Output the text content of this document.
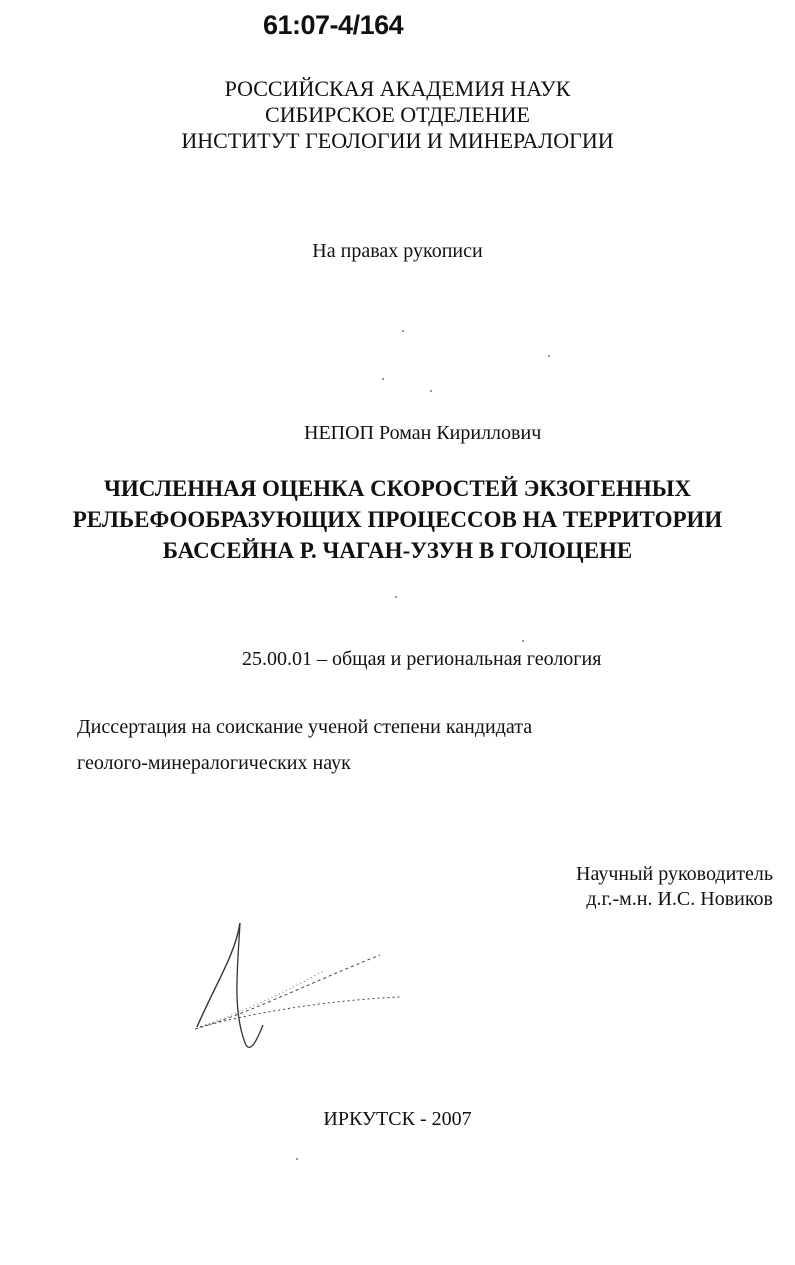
61:07-4/164
РОССИЙСКАЯ АКАДЕМИЯ НАУК
СИБИРСКОЕ ОТДЕЛЕНИЕ
ИНСТИТУТ ГЕОЛОГИИ И МИНЕРАЛОГИИ
На правах рукописи
НЕПОП Роман Кириллович
ЧИСЛЕННАЯ ОЦЕНКА СКОРОСТЕЙ ЭКЗОГЕННЫХ
РЕЛЬЕФООБРАЗУЮЩИХ ПРОЦЕССОВ НА ТЕРРИТОРИИ
БАССЕЙНА Р. ЧАГАН-УЗУН В ГОЛОЦЕНЕ
25.00.01 – общая и региональная геология
Диссертация на соискание ученой степени кандидата
геолого-минералогических наук
Научный руководитель
д.г.-м.н. И.С. Новиков
ИРКУТСК - 2007
